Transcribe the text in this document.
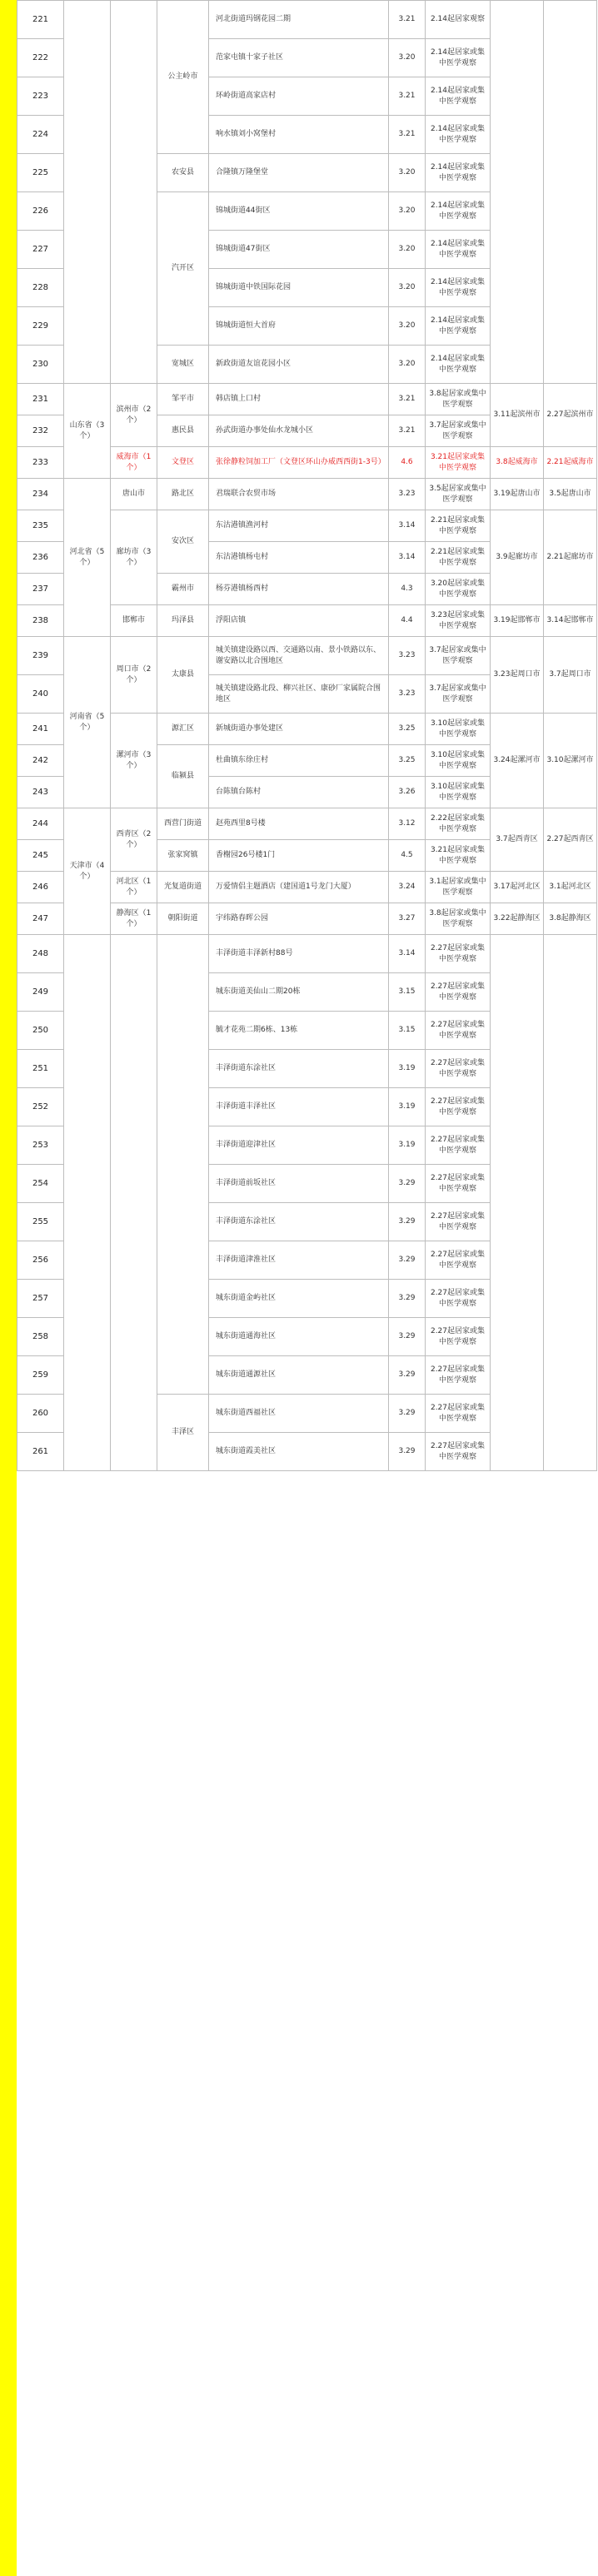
221			公主岭市	河北街道玛钢花园二期	3.21	2.14起居家观察		
222				范家屯镇十家子社区	3.20	2.14起居家或集中医学观察		
223				环岭街道高家店村	3.21	2.14起居家或集中医学观察		
224				响水镇刘小窝堡村	3.21	2.14起居家或集中医学观察		
225			农安县	合隆镇万隆堡堂	3.20	2.14起居家或集中医学观察		
226			汽开区	锦城街道44街区	3.20	2.14起居家或集中医学观察		
227				锦城街道47街区	3.20	2.14起居家或集中医学观察		
228				锦城街道中铁国际花园	3.20	2.14起居家或集中医学观察		
229				锦城街道恒大首府	3.20	2.14起居家或集中医学观察		
230			宽城区	新政街道友谊花园小区	3.20	2.14起居家或集中医学观察		
231	山东省（3个）	滨州市（2个）	邹平市	韩店镇上口村	3.21	3.8起居家或集中医学观察	3.11起滨州市	2.27起滨州市
232			惠民县	孙武街道办事处仙水龙城小区	3.21	3.7起居家或集中医学观察		
233		威海市（1个）	文登区	张徐静粒饲加工厂（文登区环山办威西西街1-3号）	4.6	3.21起居家或集中医学观察	3.8起威海市	2.21起威海市
234	河北省（5个）	唐山市	路北区	君瑞联合农贸市场	3.23	3.5起居家或集中医学观察	3.19起唐山市	3.5起唐山市
235		廊坊市（3个）	安次区	东沽港镇渔河村	3.14	2.21起居家或集中医学观察	3.9起廊坊市	2.21起廊坊市
236				东沽港镇杨屯村	3.14	2.21起居家或集中医学观察		
237			霸州市	杨芬港镇杨西村	4.3	3.20起居家或集中医学观察		
238		邯郸市	玛泽县	浮阳店镇	4.4	3.23起居家或集中医学观察	3.19起邯郸市	3.14起邯郸市
239	河南省（5个）	周口市（2个）	太康县	城关镇建设路以西、交通路以南、景小铁路以东、谢安路以北合围地区	3.23	3.7起居家或集中医学观察	3.23起周口市	3.7起周口市
240				城关镇建设路北段、柳兴社区、康砂厂家属院合围地区	3.23	3.7起居家或集中医学观察		
241		漯河市（3个）	源汇区	新城街道办事处建区	3.25	3.10起居家或集中医学观察	3.24起漯河市	3.10起漯河市
242			临颍县	杜曲镇东徐庄村	3.25	3.10起居家或集中医学观察		
243				台陈镇台陈村	3.26	3.10起居家或集中医学观察		
244	天津市（4个）	西青区（2个）	西营门街道	赵苑西里8号楼	3.12	2.22起居家或集中医学观察	3.7起西青区	2.27起西青区
245			张家窝镇	香榭园26号楼1门	4.5	3.21起居家或集中医学观察		
246		河北区（1个）	光复道街道	万爱情侣主题酒店（建国道1号龙门大厦）	3.24	3.1起居家或集中医学观察	3.17起河北区	3.1起河北区
247		静海区（1个）	朝阳街道	宇纬路春晖公园	3.27	3.8起居家或集中医学观察	3.22起静海区	3.8起静海区
248				丰泽街道丰泽新村88号	3.14	2.27起居家或集中医学观察		
249				城东街道美仙山二期20栋	3.15	2.27起居家或集中医学观察		
250				毓才花苑二期6栋、13栋	3.15	2.27起居家或集中医学观察		
251				丰泽街道东涂社区	3.19	2.27起居家或集中医学观察		
252				丰泽街道丰泽社区	3.19	2.27起居家或集中医学观察		
253				丰泽街道迎津社区	3.19	2.27起居家或集中医学观察		
254				丰泽街道前坂社区	3.29	2.27起居家或集中医学观察		
255				丰泽街道东涂社区	3.29	2.27起居家或集中医学观察		
256				丰泽街道津淮社区	3.29	2.27起居家或集中医学观察		
257				城东街道金屿社区	3.29	2.27起居家或集中医学观察		
258				城东街道通海社区	3.29	2.27起居家或集中医学观察		
259				城东街道通源社区	3.29	2.27起居家或集中医学观察		
260			丰泽区	城东街道西福社区	3.29	2.27起居家或集中医学观察		
261				城东街道霞美社区	3.29	2.27起居家或集中医学观察		
